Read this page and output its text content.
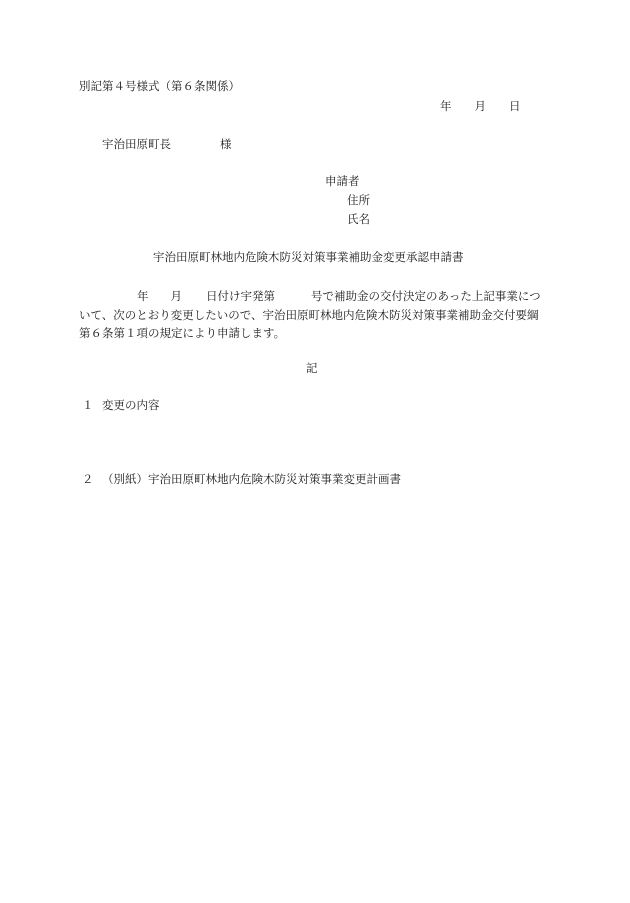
別記第４号様式（第６条関係）
年 月 日
宇治田原町長	様
申請者
住所
氏名
宇治田原町林地内危険木防災対策事業補助金変更承認申請書
年 月 日付け宇発第	号で補助金の交付決定のあった上記事業につ
いて、次のとおり変更したいので、宇治田原町林地内危険木防災対策事業補助金交付要綱
第６条第１項の規定により申請します。
記
１ 変更の内容
２ （別紙）宇治田原町林地内危険木防災対策事業変更計画書
